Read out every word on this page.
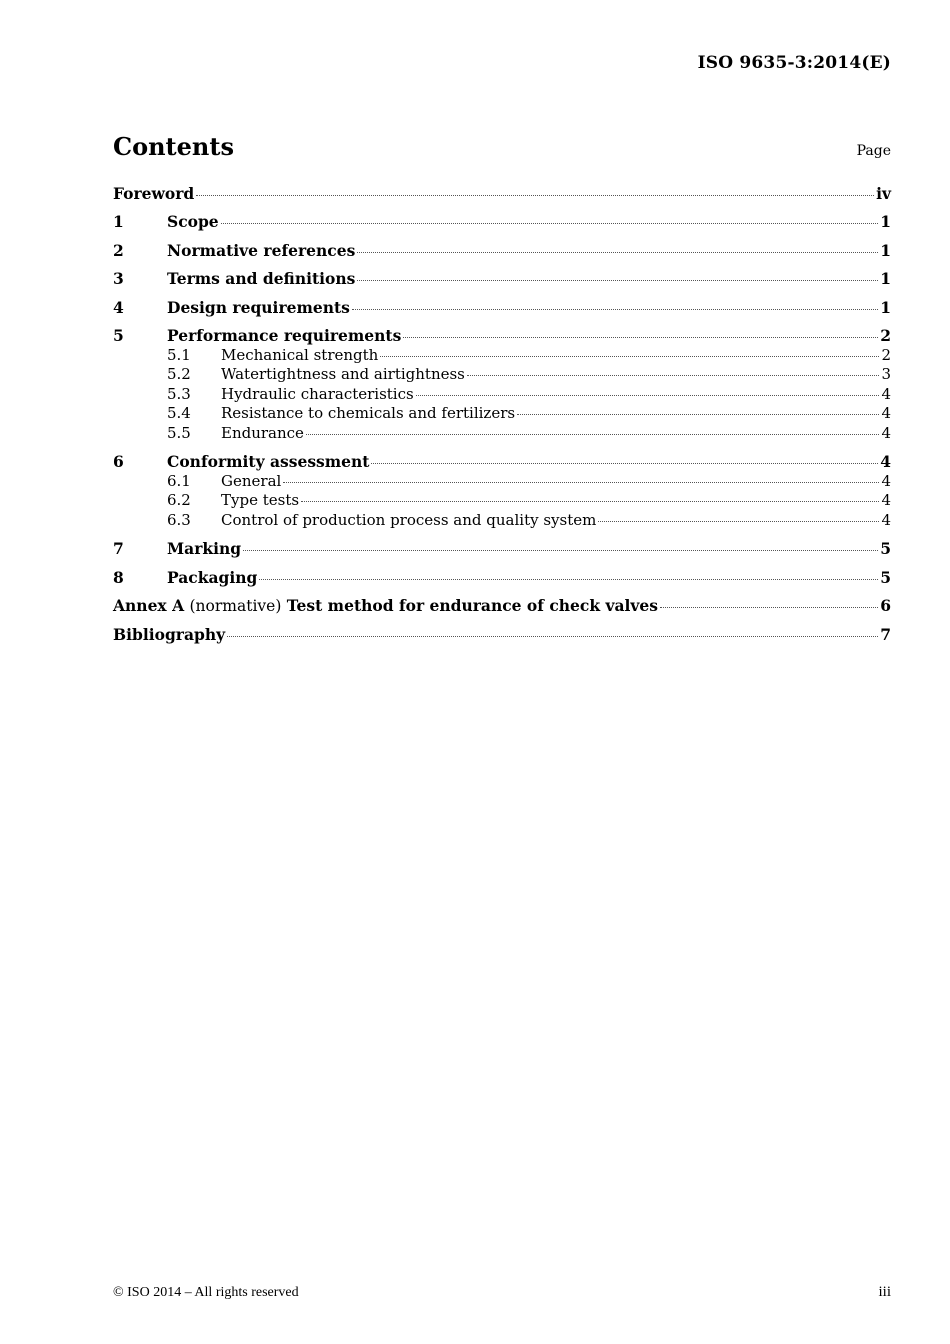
ISO 9635-3:2014(E)
Contents	Page
Foreword	iv
1	Scope	1
2	Normative references	1
3	Terms and definitions	1
4	Design requirements	1
5	Performance requirements	2
5.1	Mechanical strength	2
5.2	Watertightness and airtightness	3
5.3	Hydraulic characteristics	4
5.4	Resistance to chemicals and fertilizers	4
5.5	Endurance	4
6	Conformity assessment	4
6.1	General	4
6.2	Type tests	4
6.3	Control of production process and quality system	4
7	Marking	5
8	Packaging	5
Annex A (normative) Test method for endurance of check valves	6
Bibliography	7
© ISO 2014 – All rights reserved	iii
